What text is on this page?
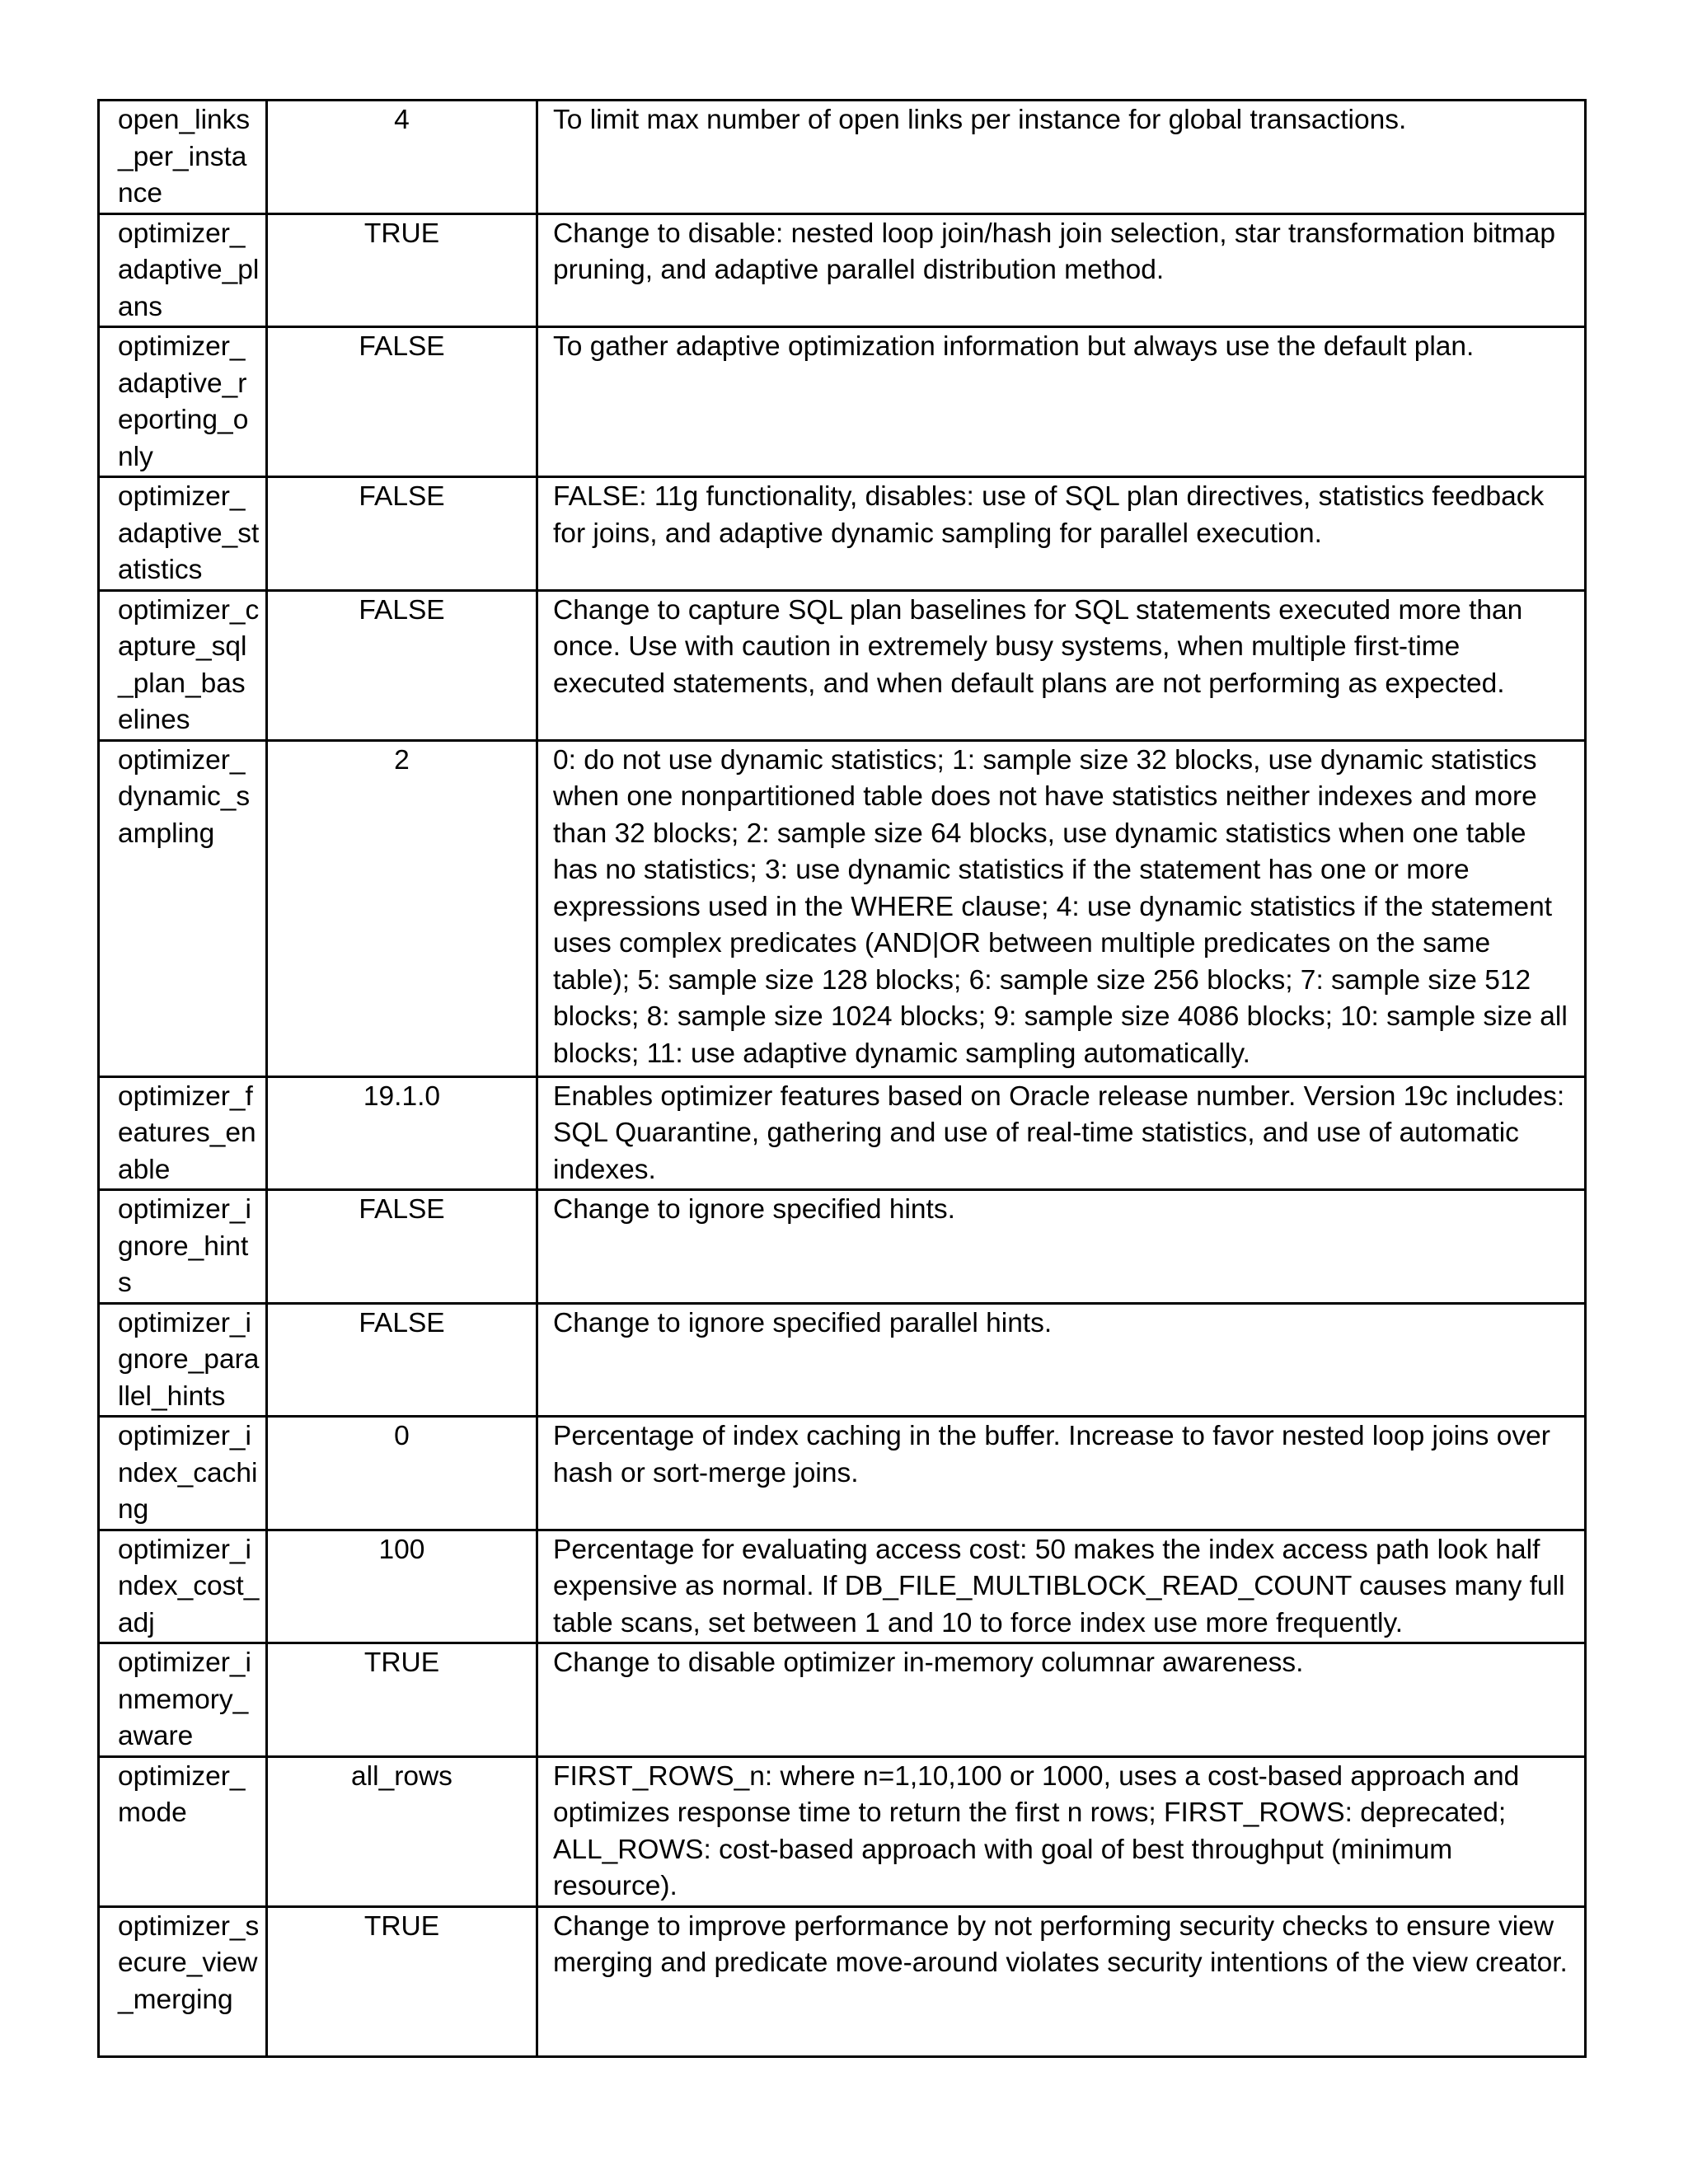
open_links_per_instance	4	To limit max number of open links per instance for global transactions.
optimizer_adaptive_plans	TRUE	Change to disable: nested loop join/hash join selection, star transformation bitmap pruning, and adaptive parallel distribution method.
optimizer_adaptive_reporting_only	FALSE	To gather adaptive optimization information but always use the default plan.
optimizer_adaptive_statistics	FALSE	FALSE: 11g functionality, disables: use of SQL plan directives, statistics feedback for joins, and adaptive dynamic sampling for parallel execution.
optimizer_capture_sql_plan_baselines	FALSE	Change to capture SQL plan baselines for SQL statements executed more than once. Use with caution in extremely busy systems, when multiple first-time executed statements, and when default plans are not performing as expected.
optimizer_dynamic_sampling	2	0: do not use dynamic statistics; 1: sample size 32 blocks, use dynamic statistics when one nonpartitioned table does not have statistics neither indexes and more than 32 blocks; 2: sample size 64 blocks, use dynamic statistics when one table has no statistics; 3: use dynamic statistics if the statement has one or more expressions used in the WHERE clause; 4: use dynamic statistics if the statement uses complex predicates (AND|OR between multiple predicates on the same table); 5: sample size 128 blocks; 6: sample size 256 blocks; 7: sample size 512 blocks; 8: sample size 1024 blocks; 9: sample size 4086 blocks; 10: sample size all blocks; 11: use adaptive dynamic sampling automatically.
optimizer_features_enable	19.1.0	Enables optimizer features based on Oracle release number. Version 19c includes: SQL Quarantine, gathering and use of real-time statistics, and use of automatic indexes.
optimizer_ignore_hints	FALSE	Change to ignore specified hints.
optimizer_ignore_parallel_hints	FALSE	Change to ignore specified parallel hints.
optimizer_index_caching	0	Percentage of index caching in the buffer. Increase to favor nested loop joins over hash or sort-merge joins.
optimizer_index_cost_adj	100	Percentage for evaluating access cost: 50 makes the index access path look half expensive as normal. If DB_FILE_MULTIBLOCK_READ_COUNT causes many full table scans, set between 1 and 10 to force index use more frequently.
optimizer_inmemory_aware	TRUE	Change to disable optimizer in-memory columnar awareness.
optimizer_mode	all_rows	FIRST_ROWS_n: where n=1,10,100 or 1000, uses a cost-based approach and optimizes response time to return the first n rows; FIRST_ROWS: deprecated; ALL_ROWS: cost-based approach with goal of best throughput (minimum resource).
optimizer_secure_view_merging	TRUE	Change to improve performance by not performing security checks to ensure view merging and predicate move-around violates security intentions of the view creator.
